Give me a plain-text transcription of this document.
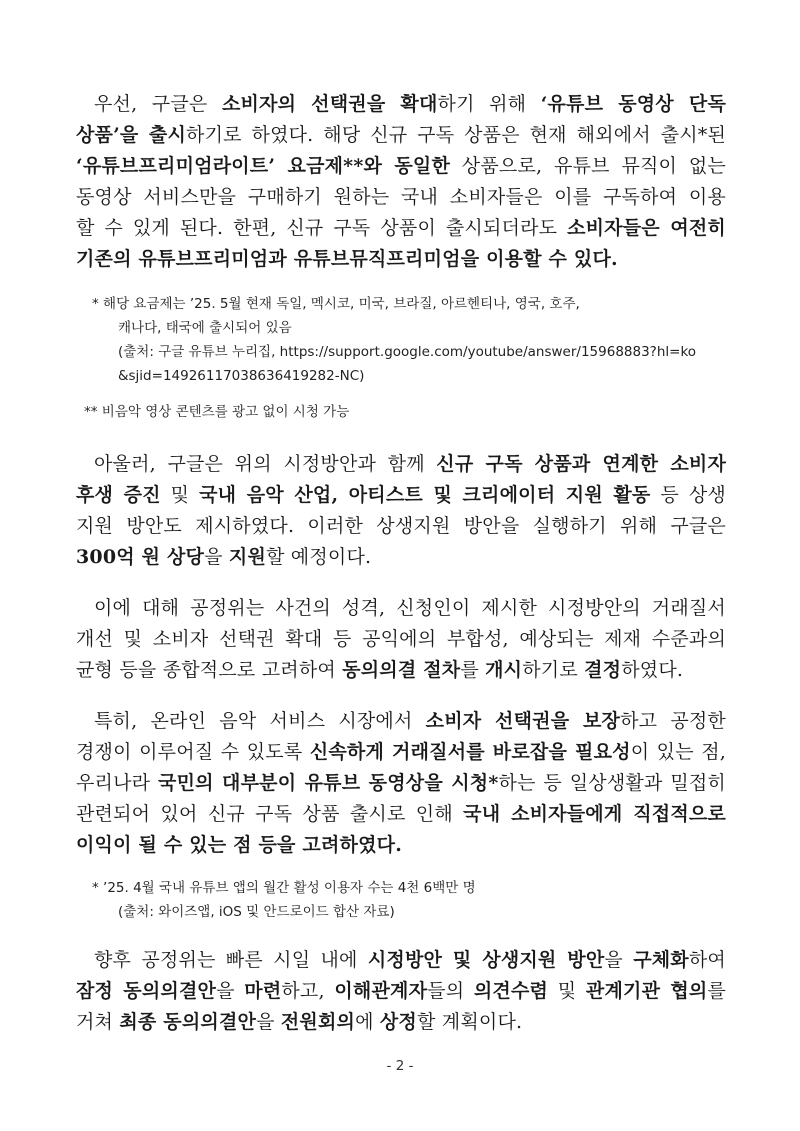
우선, 구글은 소비자의 선택권을 확대하기 위해 ‘유튜브 동영상 단독
상품’을 출시하기로 하였다. 해당 신규 구독 상품은 현재 해외에서 출시*된
‘유튜브프리미엄라이트’ 요금제**와 동일한 상품으로, 유튜브 뮤직이 없는
동영상 서비스만을 구매하기 원하는 국내 소비자들은 이를 구독하여 이용
할 수 있게 된다. 한편, 신규 구독 상품이 출시되더라도 소비자들은 여전히
기존의 유튜브프리미엄과 유튜브뮤직프리미엄을 이용할 수 있다.
* 해당 요금제는 ’25. 5월 현재 독일, 멕시코, 미국, 브라질, 아르헨티나, 영국, 호주,
캐나다, 태국에 출시되어 있음
(출처: 구글 유튜브 누리집, https://support.google.com/youtube/answer/15968883?hl=ko
&sjid=14926117038636419282-NC)
** 비음악 영상 콘텐츠를 광고 없이 시청 가능
아울러, 구글은 위의 시정방안과 함께 신규 구독 상품과 연계한 소비자
후생 증진 및 국내 음악 산업, 아티스트 및 크리에이터 지원 활동 등 상생
지원 방안도 제시하였다. 이러한 상생지원 방안을 실행하기 위해 구글은
300억 원 상당을 지원할 예정이다.
이에 대해 공정위는 사건의 성격, 신청인이 제시한 시정방안의 거래질서
개선 및 소비자 선택권 확대 등 공익에의 부합성, 예상되는 제재 수준과의
균형 등을 종합적으로 고려하여 동의의결 절차를 개시하기로 결정하였다.
특히, 온라인 음악 서비스 시장에서 소비자 선택권을 보장하고 공정한
경쟁이 이루어질 수 있도록 신속하게 거래질서를 바로잡을 필요성이 있는 점,
우리나라 국민의 대부분이 유튜브 동영상을 시청*하는 등 일상생활과 밀접히
관련되어 있어 신규 구독 상품 출시로 인해 국내 소비자들에게 직접적으로
이익이 될 수 있는 점 등을 고려하였다.
* ’25. 4월 국내 유튜브 앱의 월간 활성 이용자 수는 4천 6백만 명
(출처: 와이즈앱, iOS 및 안드로이드 합산 자료)
향후 공정위는 빠른 시일 내에 시정방안 및 상생지원 방안을 구체화하여
잠정 동의의결안을 마련하고, 이해관계자들의 의견수렴 및 관계기관 협의를
거쳐 최종 동의의결안을 전원회의에 상정할 계획이다.
- 2 -
